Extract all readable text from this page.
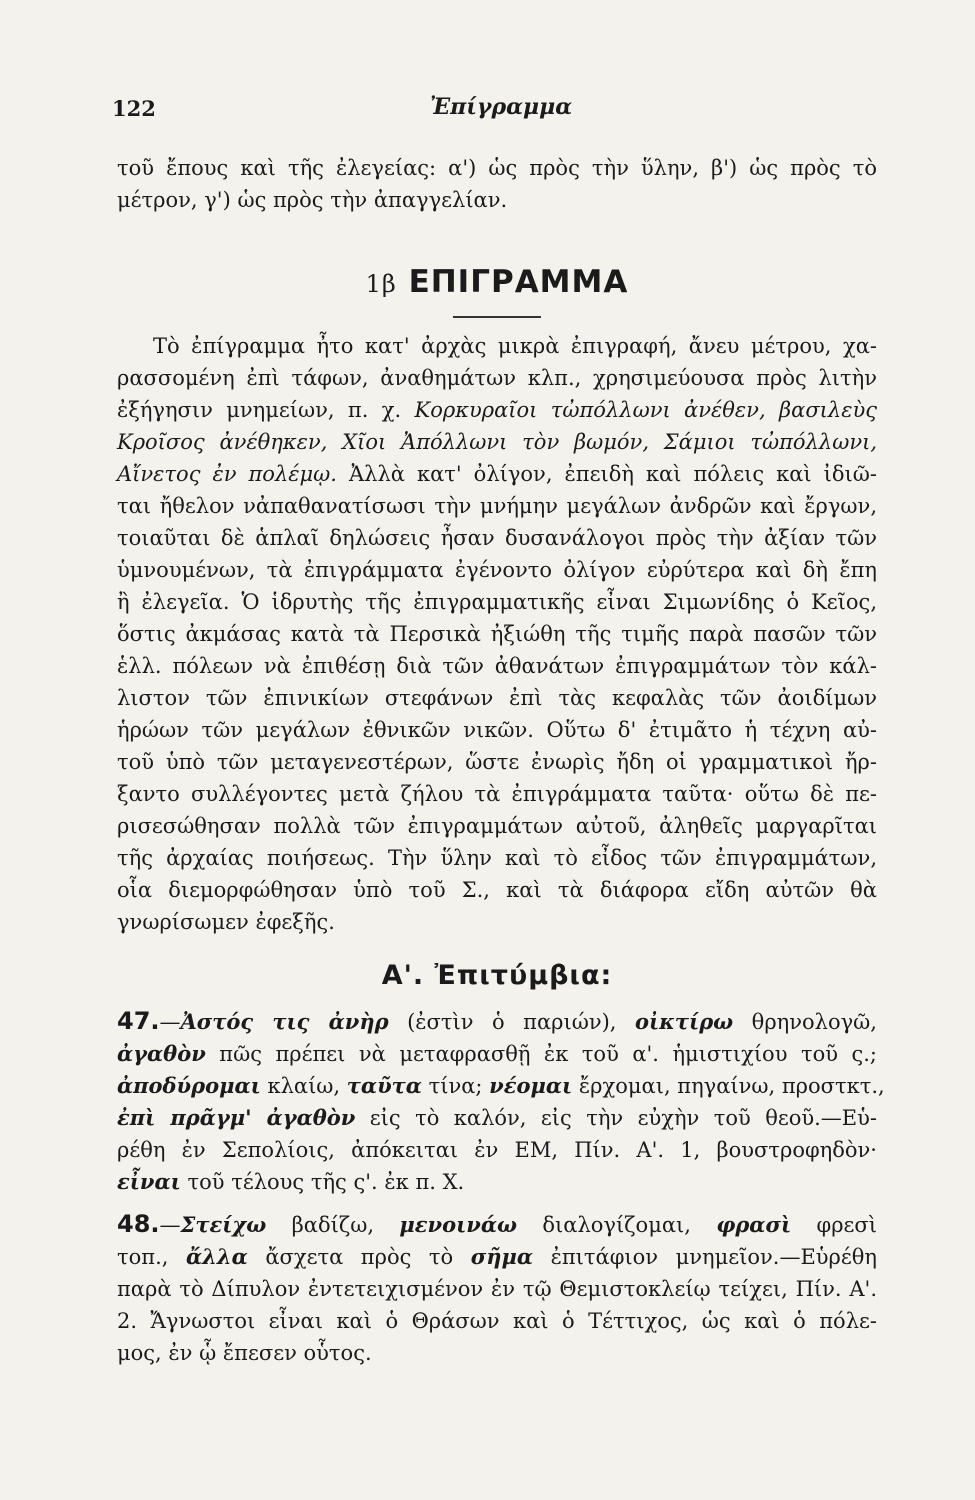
122	Ἐπίγραμμα
τοῦ ἔπους καὶ τῆς ἐλεγείας: α') ὡς πρὸς τὴν ὕλην, β') ὡς πρὸς τὸ
μέτρον, γ') ὡς πρὸς τὴν ἀπαγγελίαν.
1β ΕΠΙΓΡΑΜΜΑ
Τὸ ἐπίγραμμα ἦτο κατ' ἀρχὰς μικρὰ ἐπιγραφή, ἄνευ μέτρου, χα-
ρασσομένη ἐπὶ τάφων, ἀναθημάτων κλπ., χρησιμεύουσα πρὸς λιτὴν
ἐξήγησιν μνημείων, π. χ. Κορκυραῖοι τὠπόλλωνι ἀνέθεν, βασιλεὺς
Κροῖσος ἀνέθηκεν, Χῖοι Ἀπόλλωνι τὸν βωμόν, Σάμιοι τὠπόλλωνι,
Αἴνετος ἐν πολέμῳ. Ἀλλὰ κατ' ὀλίγον, ἐπειδὴ καὶ πόλεις καὶ ἰδιῶ-
ται ἤθελον νἀπαθανατίσωσι τὴν μνήμην μεγάλων ἀνδρῶν καὶ ἔργων,
τοιαῦται δὲ ἁπλαῖ δηλώσεις ἦσαν δυσανάλογοι πρὸς τὴν ἀξίαν τῶν
ὑμνουμένων, τὰ ἐπιγράμματα ἐγένοντο ὀλίγον εὐρύτερα καὶ δὴ ἔπη
ἢ ἐλεγεῖα. Ὁ ἱδρυτὴς τῆς ἐπιγραμματικῆς εἶναι Σιμωνίδης ὁ Κεῖος,
ὅστις ἀκμάσας κατὰ τὰ Περσικὰ ἠξιώθη τῆς τιμῆς παρὰ πασῶν τῶν
ἑλλ. πόλεων νὰ ἐπιθέσῃ διὰ τῶν ἀθανάτων ἐπιγραμμάτων τὸν κάλ-
λιστον τῶν ἐπινικίων στεφάνων ἐπὶ τὰς κεφαλὰς τῶν ἀοιδίμων
ἡρώων τῶν μεγάλων ἐθνικῶν νικῶν. Οὕτω δ' ἐτιμᾶτο ἡ τέχνη αὐ-
τοῦ ὑπὸ τῶν μεταγενεστέρων, ὥστε ἐνωρὶς ἤδη οἱ γραμματικοὶ ἤρ-
ξαντο συλλέγοντες μετὰ ζήλου τὰ ἐπιγράμματα ταῦτα· οὕτω δὲ πε-
ρισεσώθησαν πολλὰ τῶν ἐπιγραμμάτων αὐτοῦ, ἀληθεῖς μαργαρῖται
τῆς ἀρχαίας ποιήσεως. Τὴν ὕλην καὶ τὸ εἶδος τῶν ἐπιγραμμάτων,
οἷα διεμορφώθησαν ὑπὸ τοῦ Σ., καὶ τὰ διάφορα εἴδη αὐτῶν θὰ
γνωρίσωμεν ἐφεξῆς.
Α'. Ἐπιτύμβια:
47.—Ἀστός τις ἀνὴρ (ἐστὶν ὁ παριών), οἰκτίρω θρηνολογῶ,
ἀγαθὸν πῶς πρέπει νὰ μεταφρασθῇ ἐκ τοῦ α'. ἡμιστιχίου τοῦ ς.;
ἀποδύρομαι κλαίω, ταῦτα τίνα; νέομαι ἔρχομαι, πηγαίνω, προστκτ.,
ἐπὶ πρᾶγμ' ἀγαθὸν εἰς τὸ καλόν, εἰς τὴν εὐχὴν τοῦ θεοῦ.—Εὑ-
ρέθη ἐν Σεπολίοις, ἀπόκειται ἐν ΕΜ, Πίν. Α'. 1, βουστροφηδὸν·
εἶναι τοῦ τέλους τῆς ς'. ἐκ π. Χ.
48.—Στείχω βαδίζω, μενοινάω διαλογίζομαι, φρασὶ φρεσὶ
τοπ., ἄλλα ἄσχετα πρὸς τὸ σῆμα ἐπιτάφιον μνημεῖον.—Εὑρέθη
παρὰ τὸ Δίπυλον ἐντετειχισμένον ἐν τῷ Θεμιστοκλείῳ τείχει, Πίν. Α'.
2. Ἄγνωστοι εἶναι καὶ ὁ Θράσων καὶ ὁ Τέττιχος, ὡς καὶ ὁ πόλε-
μος, ἐν ᾧ ἔπεσεν οὗτος.
